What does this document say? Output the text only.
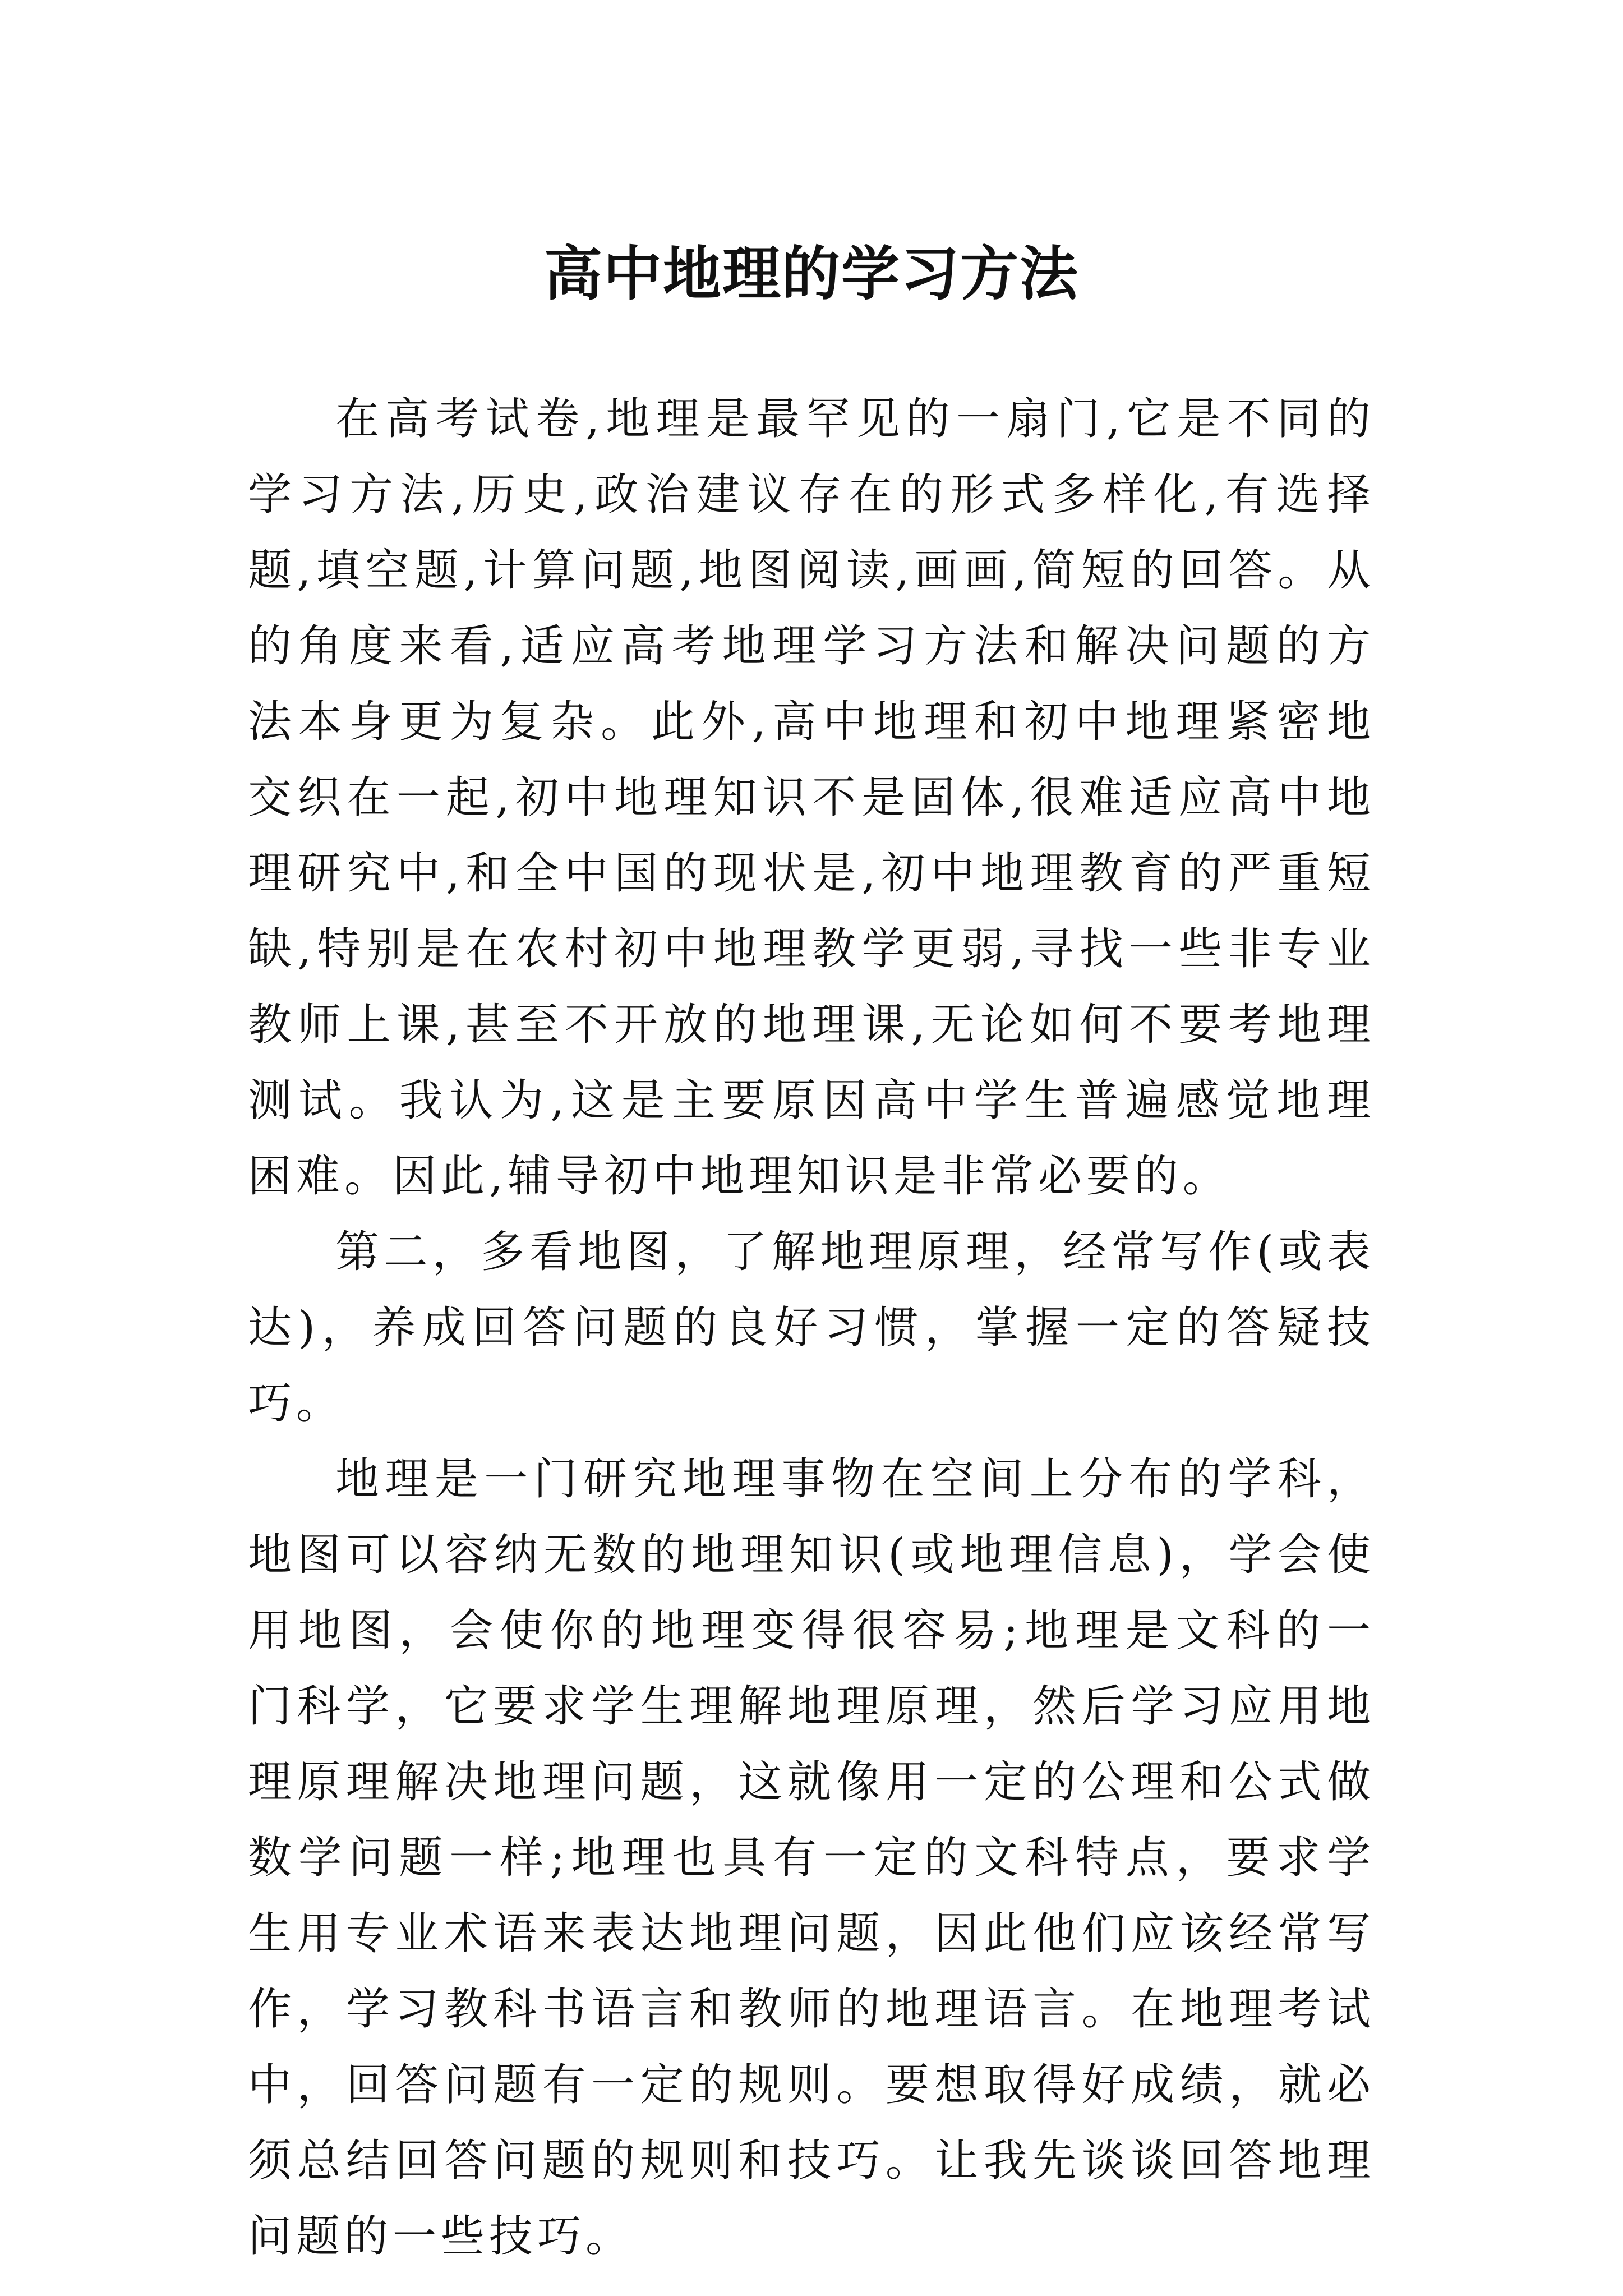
高中地理的学习方法

在高考试卷,地理是最罕见的一扇门,它是不同的学习方法,历史,政治建议存在的形式多样化,有选择题,填空题,计算问题,地图阅读,画画,简短的回答。从的角度来看,适应高考地理学习方法和解决问题的方法本身更为复杂。此外,高中地理和初中地理紧密地交织在一起,初中地理知识不是固体,很难适应高中地理研究中,和全中国的现状是,初中地理教育的严重短缺,特别是在农村初中地理教学更弱,寻找一些非专业教师上课,甚至不开放的地理课,无论如何不要考地理测试。我认为,这是主要原因高中学生普遍感觉地理困难。因此,辅导初中地理知识是非常必要的。

第二，多看地图，了解地理原理，经常写作(或表达)，养成回答问题的良好习惯，掌握一定的答疑技巧。

地理是一门研究地理事物在空间上分布的学科，地图可以容纳无数的地理知识(或地理信息)，学会使用地图，会使你的地理变得很容易;地理是文科的一门科学，它要求学生理解地理原理，然后学习应用地理原理解决地理问题，这就像用一定的公理和公式做数学问题一样;地理也具有一定的文科特点，要求学生用专业术语来表达地理问题，因此他们应该经常写作，学习教科书语言和教师的地理语言。在地理考试中，回答问题有一定的规则。要想取得好成绩，就必须总结回答问题的规则和技巧。让我先谈谈回答地理问题的一些技巧。
